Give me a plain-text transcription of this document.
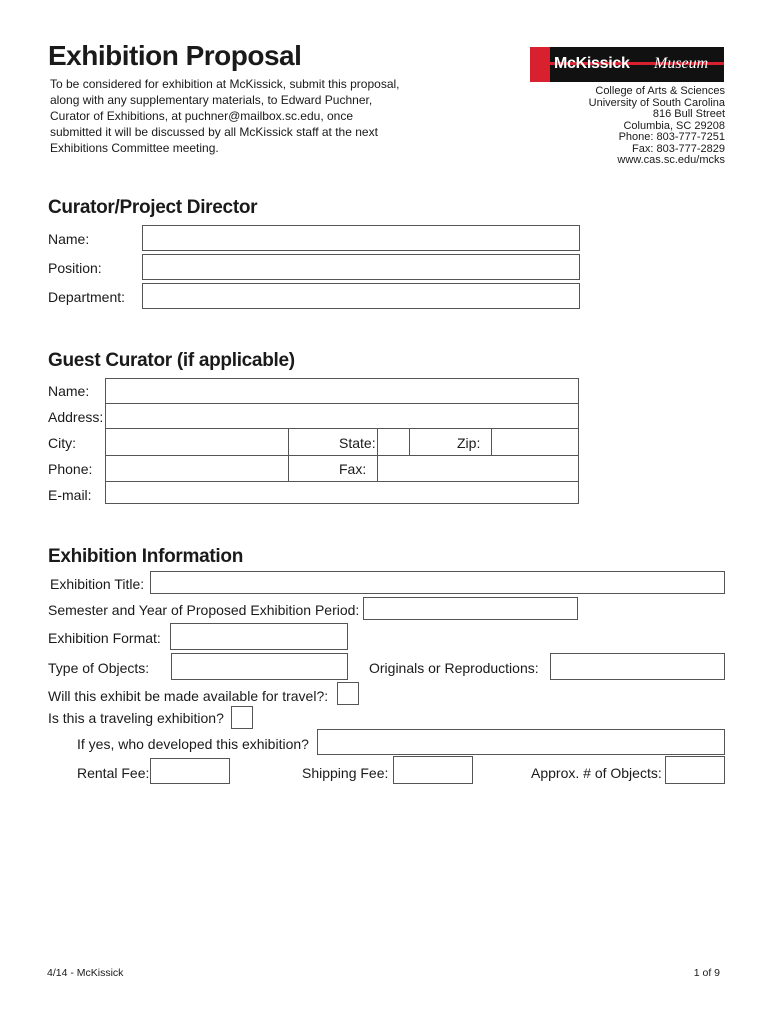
Exhibition Proposal
To be considered for exhibition at McKissick, submit this proposal,
along with any supplementary materials, to Edward Puchner,
Curator of Exhibitions, at puchner@mailbox.sc.edu, once
submitted it will be discussed by all McKissick staff at the next
Exhibitions Committee meeting.
McKissick Museum
College of Arts & Sciences
University of South Carolina
816 Bull Street
Columbia, SC 29208
Phone: 803-777-7251
Fax: 803-777-2829
www.cas.sc.edu/mcks
Curator/Project Director
Name:
Position:
Department:
Guest Curator (if applicable)
Name:
Address:
City:	State:	Zip:
Phone:	Fax:
E-mail:
Exhibition Information
Exhibition Title:
Semester and Year of Proposed Exhibition Period:
Exhibition Format:
Type of Objects:	Originals or Reproductions:
Will this exhibit be made available for travel?:
Is this a traveling exhibition?
If yes, who developed this exhibition?
Rental Fee:	Shipping Fee:	Approx. # of Objects:
4/14 - McKissick	1 of 9
